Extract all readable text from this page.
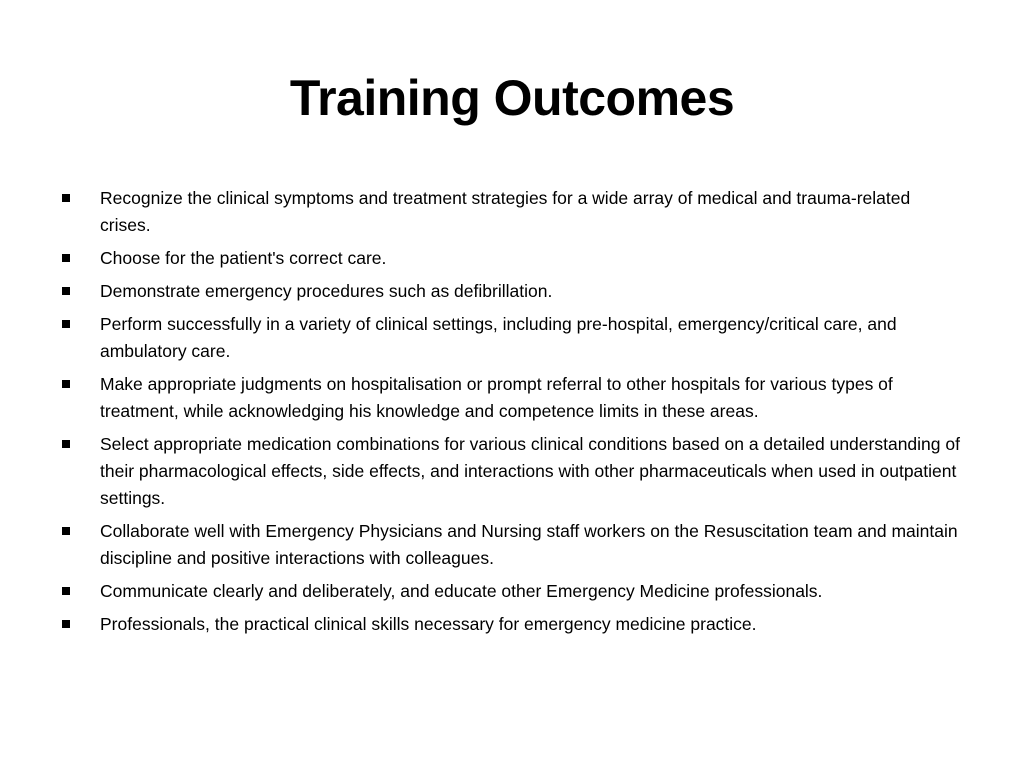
Training Outcomes
Recognize the clinical symptoms and treatment strategies for a wide array of medical and trauma-related crises.
Choose for the patient's correct care.
Demonstrate emergency procedures such as defibrillation.
Perform successfully in a variety of clinical settings, including pre-hospital, emergency/critical care, and ambulatory care.
Make appropriate judgments on hospitalisation or prompt referral to other hospitals for various types of treatment, while acknowledging his knowledge and competence limits in these areas.
Select appropriate medication combinations for various clinical conditions based on a detailed understanding of their pharmacological effects, side effects, and interactions with other pharmaceuticals when used in outpatient settings.
Collaborate well with Emergency Physicians and Nursing staff workers on the Resuscitation team and maintain discipline and positive interactions with colleagues.
Communicate clearly and deliberately, and educate other Emergency Medicine professionals.
Professionals, the practical clinical skills necessary for emergency medicine practice.
